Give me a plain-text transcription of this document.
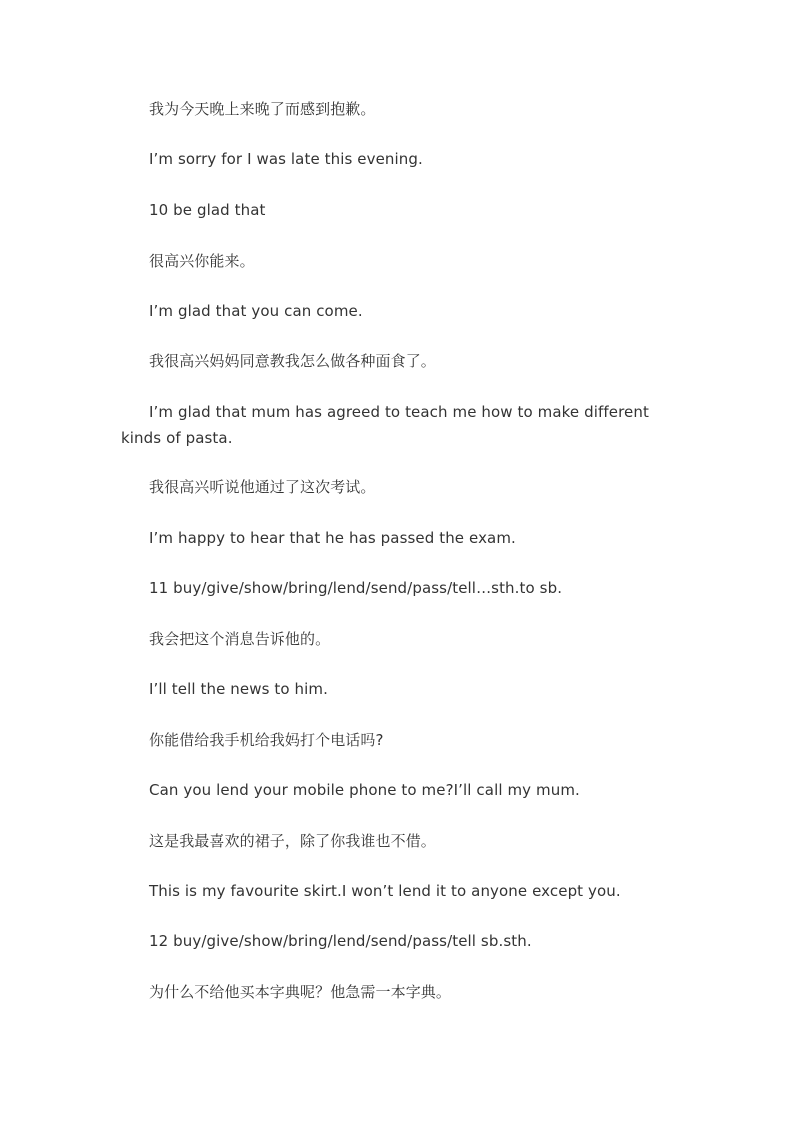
我为今天晚上来晚了而感到抱歉。

I’m sorry for I was late this evening.

10 be glad that

很高兴你能来。

I’m glad that you can come.

我很高兴妈妈同意教我怎么做各种面食了。

I’m glad that mum has agreed to teach me how to make different kinds of pasta.

我很高兴听说他通过了这次考试。

I’m happy to hear that he has passed the exam.

11 buy/give/show/bring/lend/send/pass/tell…sth.to sb.

我会把这个消息告诉他的。

I’ll tell the news to him.

你能借给我手机给我妈打个电话吗?

Can you lend your mobile phone to me?I’ll call my mum.

这是我最喜欢的裙子，除了你我谁也不借。

This is my favourite skirt.I won’t lend it to anyone except you.

12 buy/give/show/bring/lend/send/pass/tell sb.sth.

为什么不给他买本字典呢？他急需一本字典。
